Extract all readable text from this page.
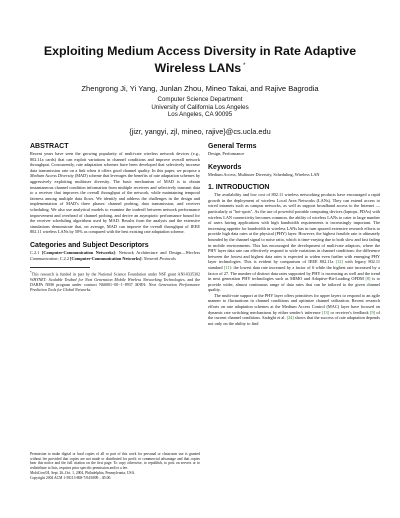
Exploiting Medium Access Diversity in Rate Adaptive Wireless LANs *
Zhengrong Ji, Yi Yang, Junlan Zhou, Mineo Takai, and Rajive Bagrodia
Computer Science Department
University of California Los Angeles
Los Angeles, CA 90095
{jizr, yangyi, zjl, mineo, rajive}@cs.ucla.edu
ABSTRACT

Recent years have seen the growing popularity of multi-rate wireless network devices (e.g., 802.11a cards) that can exploit variations in channel conditions and improve overall network throughput. Concurrently, rate adaptation schemes have been developed that selectively increase data transmission rate on a link when it offers good channel quality. In this paper, we propose a Medium Access Diversity (MAD) scheme that leverages the benefits of rate adaptation schemes by aggressively exploiting multiuser diversity. The basic mechanism of MAD is to obtain instantaneous channel condition information from multiple receivers and selectively transmit data to a receiver that improves the overall throughput of the network, while maintaining temporal fairness among multiple data flows. We identify and address the challenges in the design and implementation of MAD's three phases: channel probing, data transmission, and receiver scheduling. We also use analytical models to examine the tradeoff between network performance improvement and overhead of channel probing, and derive an asymptotic performance bound for the receiver scheduling algorithms used by MAD. Results from the analysis and the extensive simulations demonstrate that, on average, MAD can improve the overall throughput of IEEE 802.11 wireless LANs by 50% as compared with the best existing rate adaptation scheme.

Categories and Subject Descriptors

C.2.1 [Computer-Communication Networks]: Network Architecture and Design—Wireless Communication; C.2.2 [Computer-Communication Networks]: Network Protocols

*This research is funded in part by the National Science Foundation under NSF grant ANI-0335302 WHYNET: Scalable Testbed for Next Generation Mobile Wireless Networking Technologies, and the DARPA NMS program under contract N66001−00−1−8937 MAYA: Next Generation Performance Prediction Tools for Global Networks.

Permission to make digital or hard copies of all or part of this work for personal or classroom use is granted without fee provided that copies are not made or distributed for profit or commercial advantage and that copies bear this notice and the full citation on the first page. To copy otherwise, to republish, to post on servers or to redistribute to lists, requires prior specific permission and/or a fee.
MobiCom'04, Sept. 26–Oct. 1, 2004, Philadelphia, Pennsylvania, USA.
Copyright 2004 ACM 1-58113-868-7/04/0009 ...$5.00.

General Terms

Design, Performance

Keywords

Medium Access, Multiuser Diversity, Scheduling, Wireless LAN

1. INTRODUCTION

The availability and low cost of 802.11 wireless networking products have encouraged a rapid growth in the deployment of wireless Local Area Networks (LANs). They can extend access to wired intranets such as campus networks, as well as support broadband access to the Internet — particularly at "hot-spots". As the use of powerful portable computing devices (laptops, PDAs) with wireless LAN connectivity becomes common, the ability of wireless LANs to cater to large number of users having applications with high bandwidth requirements is increasingly important. The increasing appetite for bandwidth in wireless LANs has in turn spurred extensive research efforts to provide high data rates at the physical (PHY) layer. However, the highest feasible rate is ultimately bounded by the channel signal to noise ratio, which is time-varying due to both slow and fast fading in mobile environments. This has encouraged the development of multi-rate adaptors, where the PHY layer data rate can effectively respond to wide variations in channel conditions: the difference between the lowest and highest data rates is expected to widen even further with emerging PHY layer technologies. This is evident by comparison of IEEE 802.11a [12] with legacy 802.11 standard [11]: the lowest data rate increased by a factor of 6 while the highest rate increased by a factor of 27. The number of distinct data rates supported by PHY is increasing as well and the trend in next generation PHY technologies such as MIMO and Adaptive-Bit-Loading OFDM [8] is to provide wider, almost continuous range of data rates that can be tailored to the given channel quality.

The multi-rate support at the PHY layer offers primitives for upper layers to respond to an agile manner to fluctuations in channel conditions and optimize channel utilization. Recent research efforts on rate adaptation schemes at the Medium Access Control (MAC) layer have focused on dynamic rate switching mechanisms by either sender's inference [13] or receiver's feedback [9] of the current channel conditions. Sadeghi et al. [24] shows that the success of rate adaptation depends not only on the ability to find
